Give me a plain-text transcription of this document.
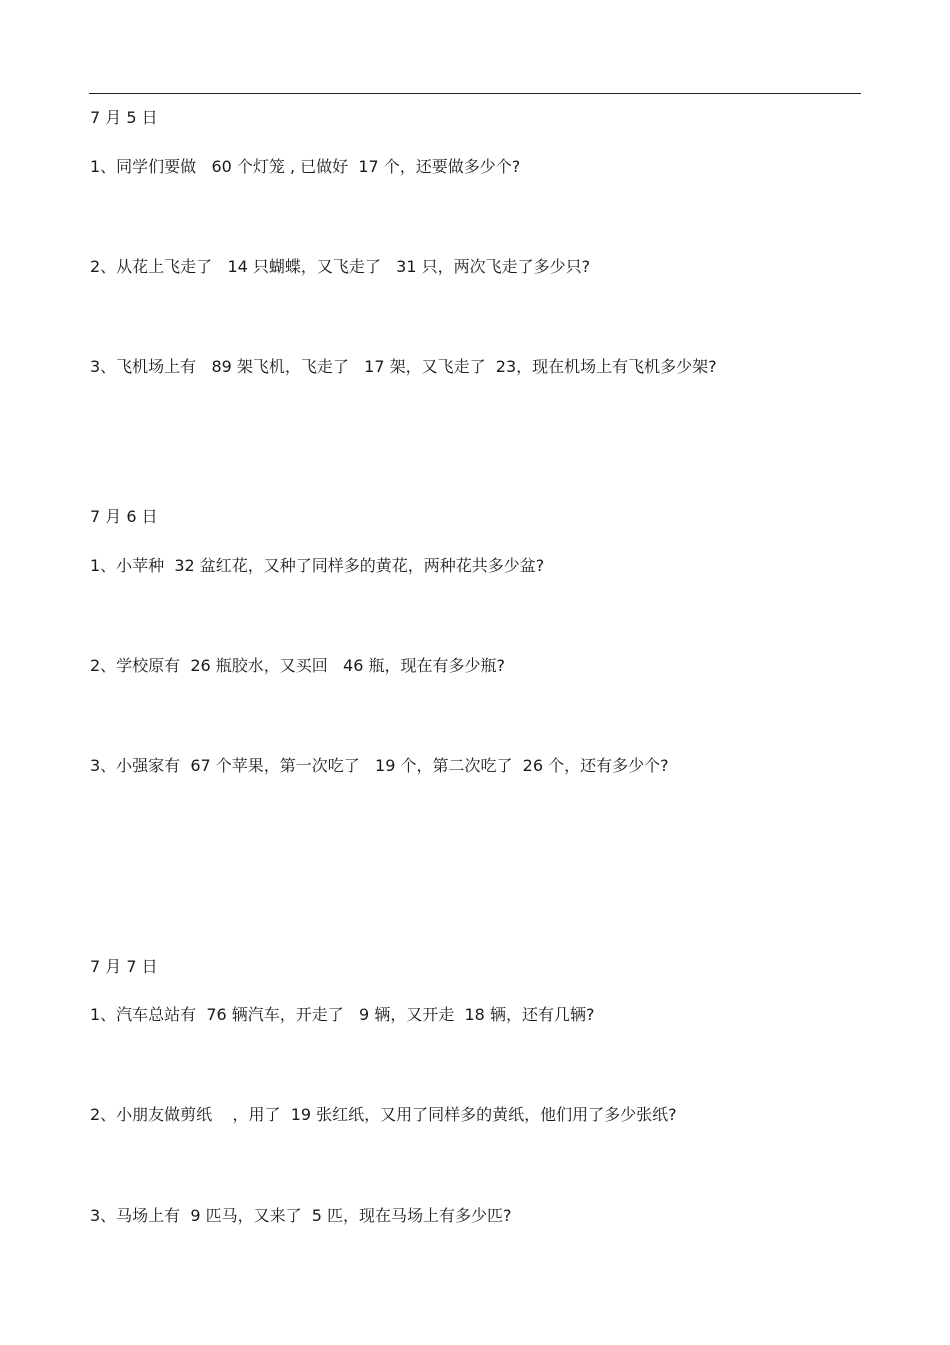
7 月 5 日
1、同学们要做   60 个灯笼 , 已做好  17 个，还要做多少个?
2、从花上飞走了   14 只蝴蝶，又飞走了   31 只，两次飞走了多少只?
3、飞机场上有   89 架飞机，飞走了   17 架，又飞走了  23，现在机场上有飞机多少架?
7 月 6 日
1、小苹种  32 盆红花，又种了同样多的黄花，两种花共多少盆?
2、学校原有  26 瓶胶水，又买回   46 瓶，现在有多少瓶?
3、小强家有  67 个苹果，第一次吃了   19 个，第二次吃了  26 个，还有多少个?
7 月 7 日
1、汽车总站有  76 辆汽车，开走了   9 辆，又开走  18 辆，还有几辆?
2、小朋友做剪纸    ，用了  19 张红纸，又用了同样多的黄纸，他们用了多少张纸?
3、马场上有  9 匹马，又来了  5 匹，现在马场上有多少匹?
